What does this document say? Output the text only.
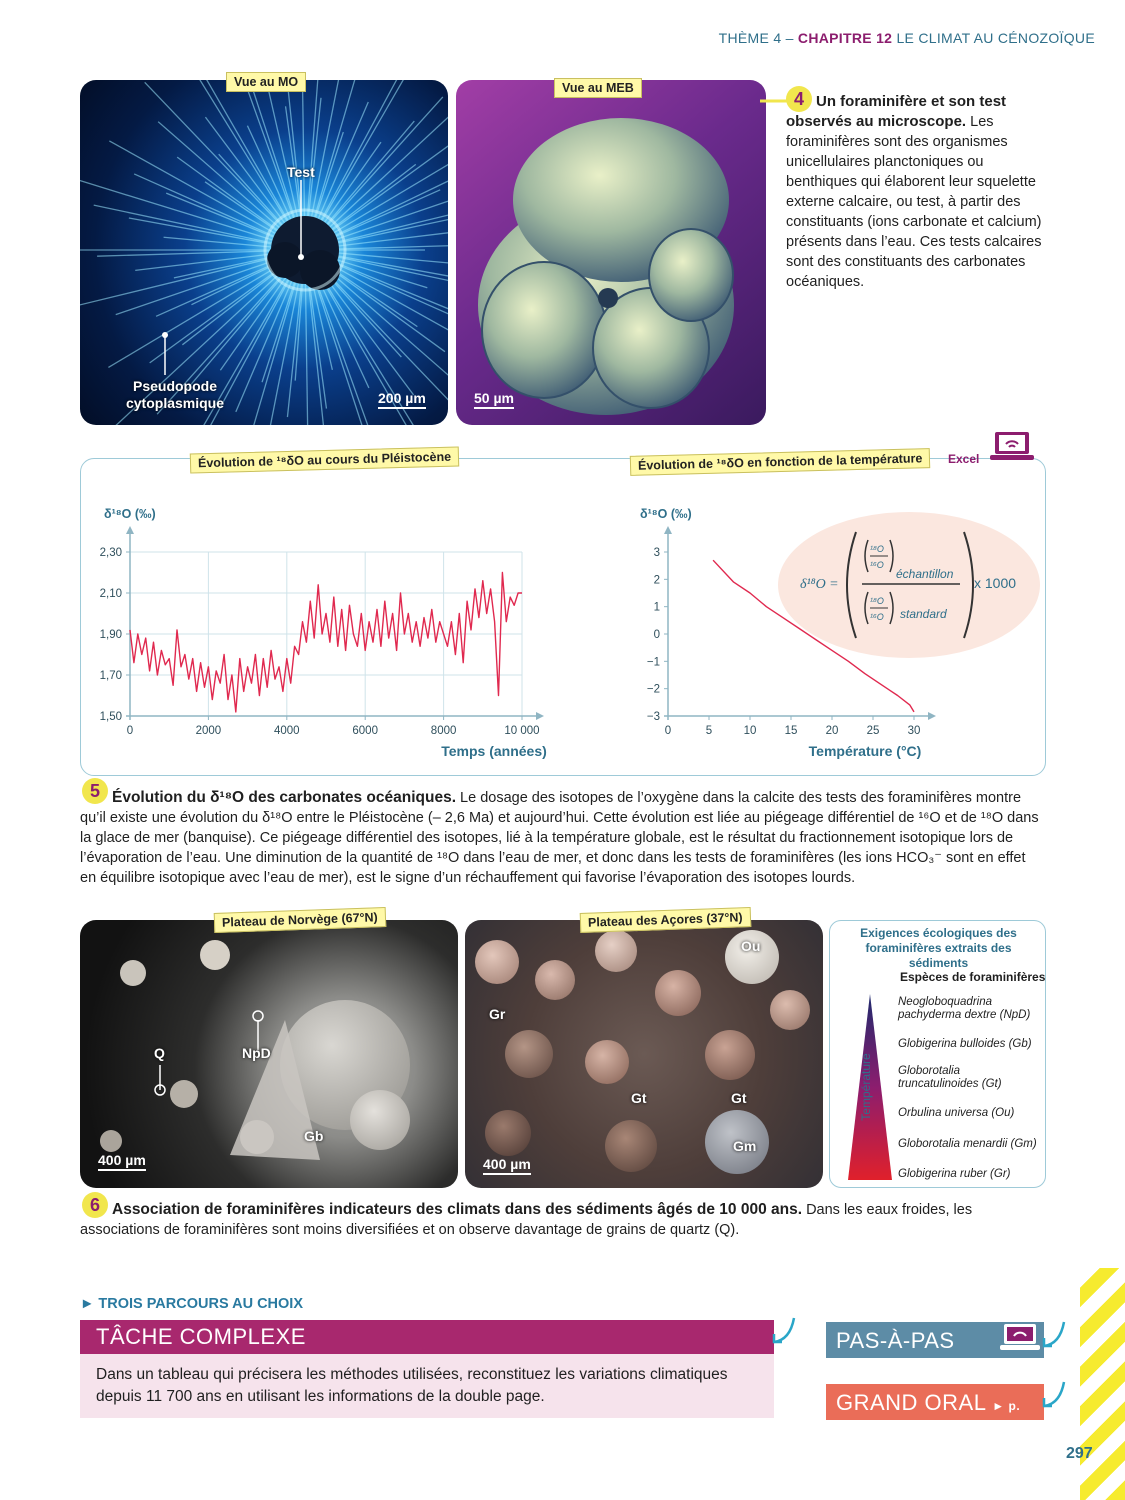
THÈME 4 – CHAPITRE 12 LE CLIMAT AU CÉNOZOÏQUE
Test
Pseudopode
cytoplasmique	200 µm
Vue au MO
50 µm
Vue au MEB
4 Un foraminifère et son test observés au microscope. Les foraminifères sont des organismes unicellulaires planctoniques ou benthiques qui élaborent leur squelette externe calcaire, ou test, à partir des constituants (ions carbonate et calcium) présents dans l’eau. Ces tests calcaires sont des constituants des carbonates océaniques.
Évolution de ¹⁸δO au cours du Pléistocène	Évolution de ¹⁸δO en fonction de la température	Excel
1,50
1,70
1,90
2,10
2,30
0	2000	4000	6000	8000	10 000
δ¹⁸O (‰)
Temps (années)
−3
−2
−1
0
1
2
3
0	5	10 15 20 25 30
δ¹⁸O (‰)
Température (°C)
δ¹⁸O =
¹⁸O
¹⁶O
échantillon
¹⁸O
¹⁶O standard
x 1000
5 Évolution du δ¹⁸O des carbonates océaniques. Le dosage des isotopes de l’oxygène dans la calcite des tests des foraminifères montre qu’il existe une évolution du δ¹⁸O entre le Pléistocène (– 2,6 Ma) et aujourd’hui. Cette évolution est liée au piégeage différentiel de ¹⁶O et de ¹⁸O dans la glace de mer (banquise). Ce piégeage différentiel des isotopes, lié à la température globale, est le résultat du fractionnement isotopique lors de l’évaporation de l’eau. Une diminution de la quantité de ¹⁸O dans l’eau de mer, et donc dans les tests de foraminifères (les ions HCO₃⁻ sont en effet en équilibre isotopique avec l’eau de mer), est le signe d’un réchauffement qui favorise l’évaporation des isotopes lourds.
Q	NpD
Gb
400 µm
Plateau de Norvège (67°N)
Ou
Gr
Gt	Gt
Gm
400 µm
Plateau des Açores (37°N)
Exigences écologiques des foraminifères extraits des sédiments
Espèces de foraminifères
Température
Neogloboquadrina pachyderma dextre (NpD)
Globigerina bulloides (Gb)
Globorotalia truncatulinoides (Gt)
Orbulina universa (Ou)
Globorotalia menardii (Gm)
Globigerina ruber (Gr)
6 Association de foraminifères indicateurs des climats dans des sédiments âgés de 10 000 ans. Dans les eaux froides, les associations de foraminifères sont moins diversifiées et on observe davantage de grains de quartz (Q).
► TROIS PARCOURS AU CHOIX
TÂCHE COMPLEXE
Dans un tableau qui précisera les méthodes utilisées, reconstituez les variations climatiques depuis 11 700 ans en utilisant les informations de la double page.
PAS-À-PAS
GRAND ORAL ► p. 309	297
